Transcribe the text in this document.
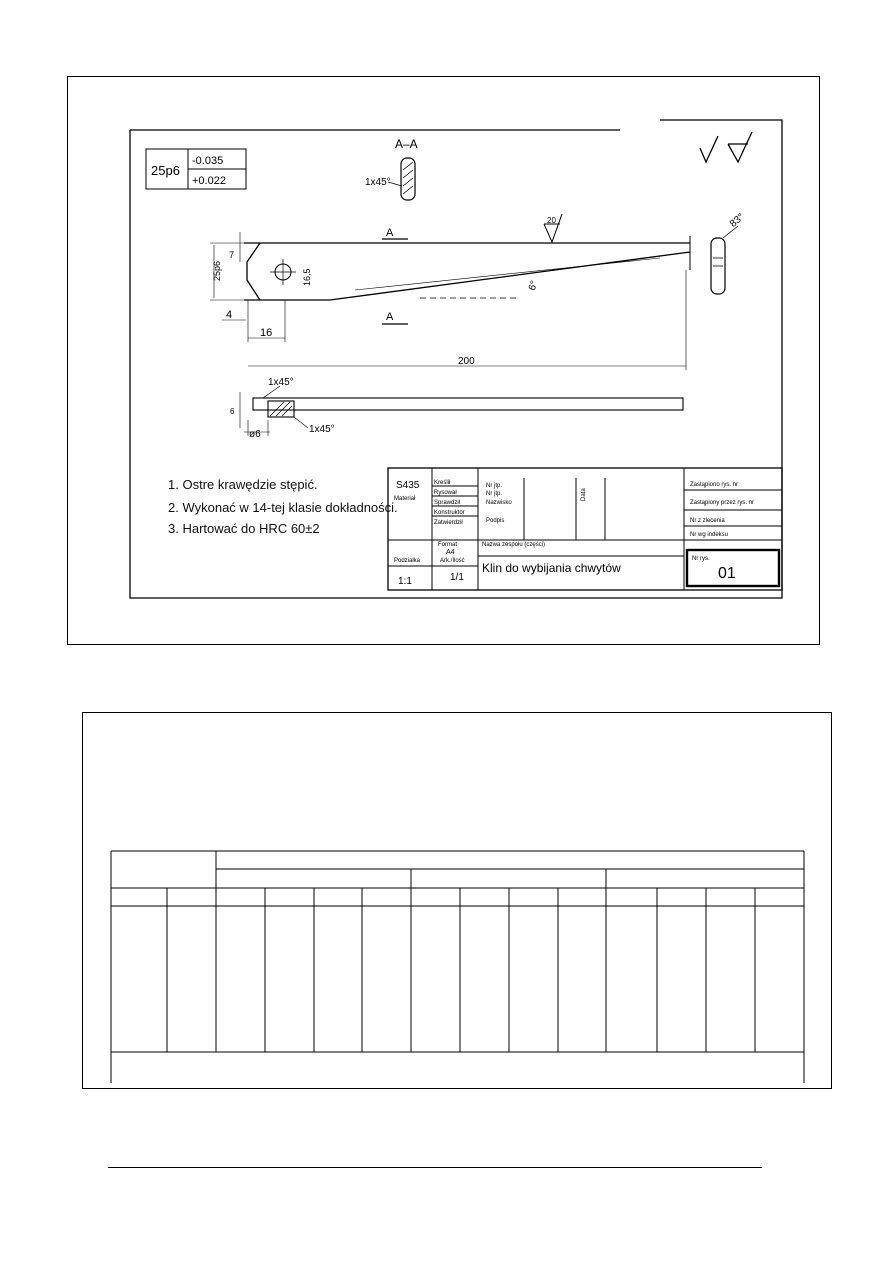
25p6
-0.035
+0.022
A–A
1x45°
A
A
20
6°
83°
25p6
7
16,5
4
16
200
1x45°
6
ø6	1x45°
S435
Materiał
Kreślił
Rysował
Sprawdził
Konstruktor
Zatwierdził
Nr jtp.
Nr jtp.
Nazwisko
Podpis
Data
Format
A4
Nazwa zespołu (części)
Klin do wybijania chwytów
Podziałka
1:1
Ark./Ilość
1/1
Zastąpiono rys. nr
Zastąpiony przez rys. nr
Nr z zlecenia
Nr wg indeksu
Nr rys.
01
1. Ostre krawędzie stępić.
2. Wykonać w 14-tej klasie dokładności.
3. Hartować do HRC 60±2
